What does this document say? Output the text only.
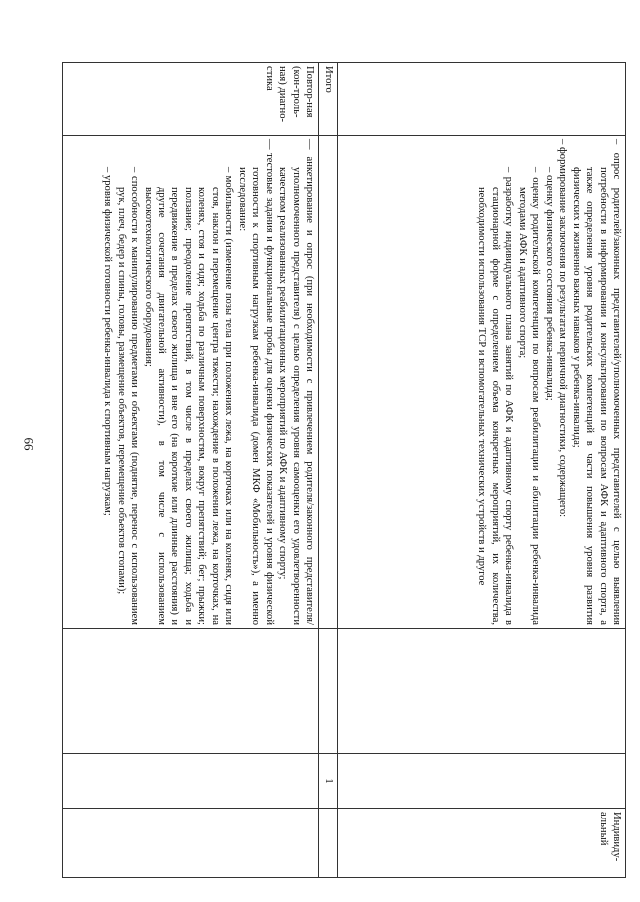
66

	– опрос родителей/законных представителей/уполномоченных представителей с целью выявления потребности в информировании и консультировании по вопросам АФК и адаптивного спорта, а также определения уровня родительских компетенций в части повышения уровня развития физических и жизненно важных навыков у ребенка-инвалида;

– формирование заключения по результатам первичной диагностики, содержащего:

– оценку физического состояния ребенка-инвалида;

– оценку родительской компетенции по вопросам реабилитации и абилитации ребенка-инвалида методами АФК и адаптивного спорта;

– разработку индивидуального плана занятий по АФК и адаптивному спорту ребенка-инвалида в стационарной форме с определением объема конкретных мероприятий, их количества, необходимости использования ТСР и вспомогательных технических устройств и другое			Индивиду-альный
Итого			1	
Повтор-ная (кон-троль-ная) диагно-стика	— анкетирование и опрос (при необходимости с привлечением родителя/законного представителя/уполномоченного представителя) с целью определения уровня самооценки его удовлетворенности качеством реализованных реабилитационных мероприятий по АФК и адаптивному спорту;

— тестовые задания и функциональные пробы для оценки физических показателей и уровня физической готовности к спортивным нагрузкам ребенка-инвалида (домен МКФ «Мобильность»), а именно исследование:

– мобильности (изменение позы тела при положениях лежа, на корточках или на коленях, сидя или стоя, наклон и перемещение центра тяжести; нахождение в положении лежа, на корточках, на коленях, стоя и сидя; ходьба по различным поверхностям, вокруг препятствий; бег; прыжки; ползание; преодоление препятствий, в том числе в пределах своего жилища; ходьба и передвижение в пределах своего жилища и вне его (на короткие или длинные расстояния) и другие сочетания двигательной активности), в том числе с использованием высокотехнологического оборудования;

– способности к манипулированию предметами и объектами (поднятие, перенос с использованием рук, плеч, бедер и спины, головы, размещение объектов, перемещение объектов стопами);

– уровня физической готовности ребенка-инвалида к спортивным нагрузкам;			
